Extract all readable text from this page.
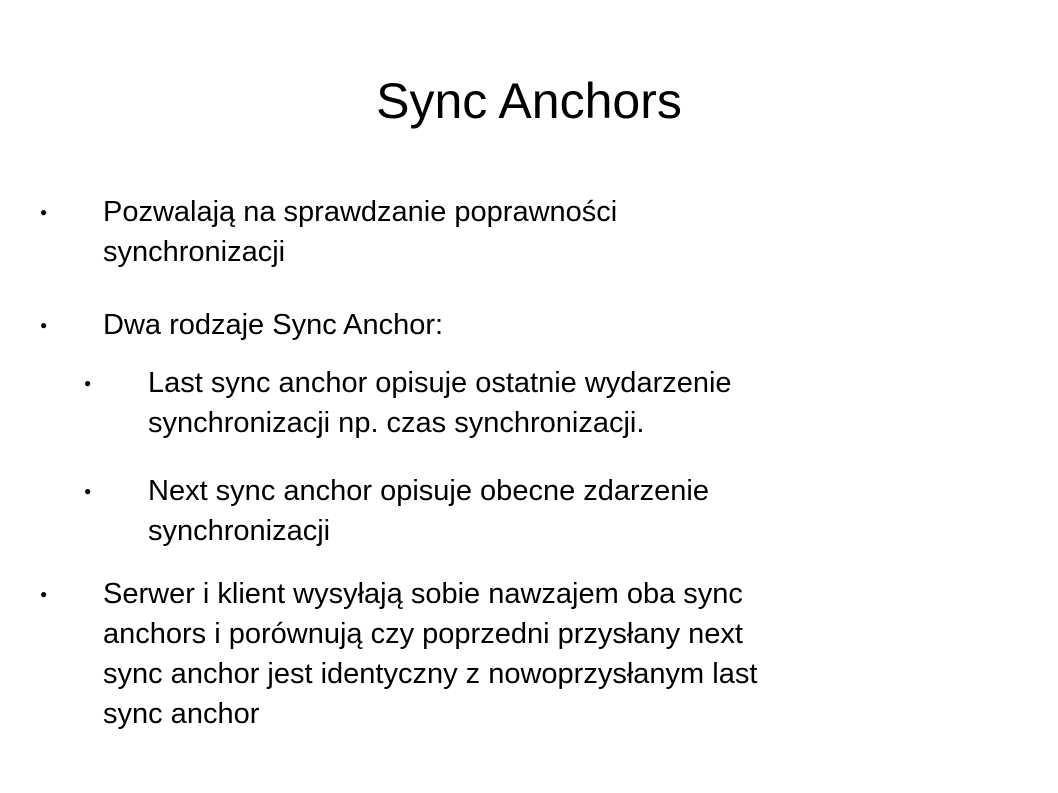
Sync Anchors
●	Pozwalają na sprawdzanie poprawności
synchronizacji
●	Dwa rodzaje Sync Anchor:
●	Last sync anchor opisuje ostatnie wydarzenie
synchronizacji np. czas synchronizacji.
●	Next sync anchor opisuje obecne zdarzenie
synchronizacji
●	Serwer i klient wysyłają sobie nawzajem oba sync
anchors i porównują czy poprzedni przysłany next
sync anchor jest identyczny z nowoprzysłanym last
sync anchor
